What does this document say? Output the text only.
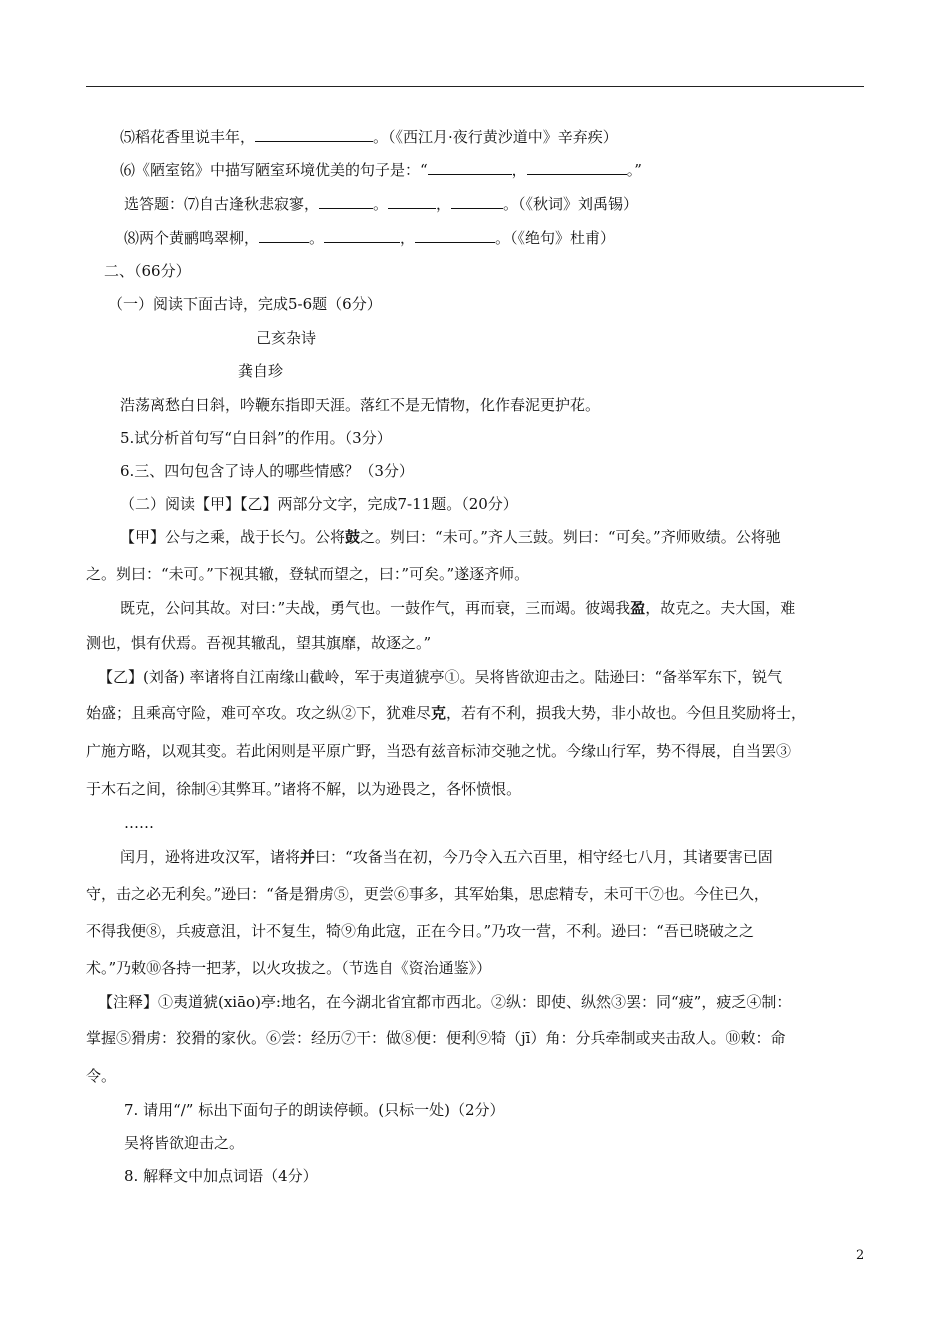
⑸稻花香里说丰年，	。（《西江月·夜行黄沙道中》辛弃疾）
⑹《陋室铭》中描写陋室环境优美的句子是：“	，	。”
选答题：⑺自古逢秋悲寂寥，	。	，	。（《秋词》刘禹锡）
⑻两个黄鹂鸣翠柳，	。	，	。（《绝句》杜甫）
二、（66分）
（一）阅读下面古诗，完成5-6题（6分）
己亥杂诗
龚自珍
浩荡离愁白日斜，吟鞭东指即天涯。落红不是无情物，化作春泥更护花。
5.试分析首句写“白日斜”的作用。（3分）
6.三、四句包含了诗人的哪些情感？（3分）
（二）阅读【甲】【乙】两部分文字，完成7-11题。（20分）
【甲】公与之乘，战于长勺。公将鼓之。刿曰：“未可。”齐人三鼓。刿曰：“可矣。”齐师败绩。公将驰
之。刿曰：“未可。”下视其辙，登轼而望之，曰：”可矣。”遂逐齐师。
既克，公问其故。对曰：”夫战，勇气也。一鼓作气，再而衰，三而竭。彼竭我盈，故克之。夫大国，难
测也，惧有伏焉。吾视其辙乱，望其旗靡，故逐之。”
【乙】(刘备) 率诸将自江南缘山截岭，军于夷道猇亭①。吴将皆欲迎击之。陆逊曰：“备举军东下，锐气
始盛；且乘高守险，难可卒攻。攻之纵②下，犹难尽克，若有不利，损我大势，非小故也。今但且奖励将士，
广施方略，以观其变。若此闲则是平原广野，当恐有兹音标沛交驰之忧。今缘山行军，势不得展，自当罢③
于木石之间，徐制④其弊耳。”诸将不解，以为逊畏之，各怀愤恨。
……
闰月，逊将进攻汉军，诸将并曰：“攻备当在初，今乃令入五六百里，相守经七八月，其诸要害已固
守，击之必无利矣。”逊曰：“备是猾虏⑤，更尝⑥事多，其军始集，思虑精专，未可干⑦也。今住已久，
不得我便⑧，兵疲意沮，计不复生，犄⑨角此寇，正在今日。”乃攻一营，不利。逊曰：“吾已晓破之之
术。”乃敕⑩各持一把茅，以火攻拔之。（节选自《资治通鉴》）
【注释】①夷道猇(xiāo)亭:地名，在今湖北省宜都市西北。②纵：即使、纵然③罢：同“疲”，疲乏④制：
掌握⑤猾虏：狡猾的家伙。⑥尝：经历⑦干：做⑧便：便利⑨犄（jī）角：分兵牵制或夹击敌人。⑩敕：命
令。
7. 请用“/” 标出下面句子的朗读停顿。(只标一处)（2分）
吴将皆欲迎击之。
8. 解释文中加点词语（4分）
2
